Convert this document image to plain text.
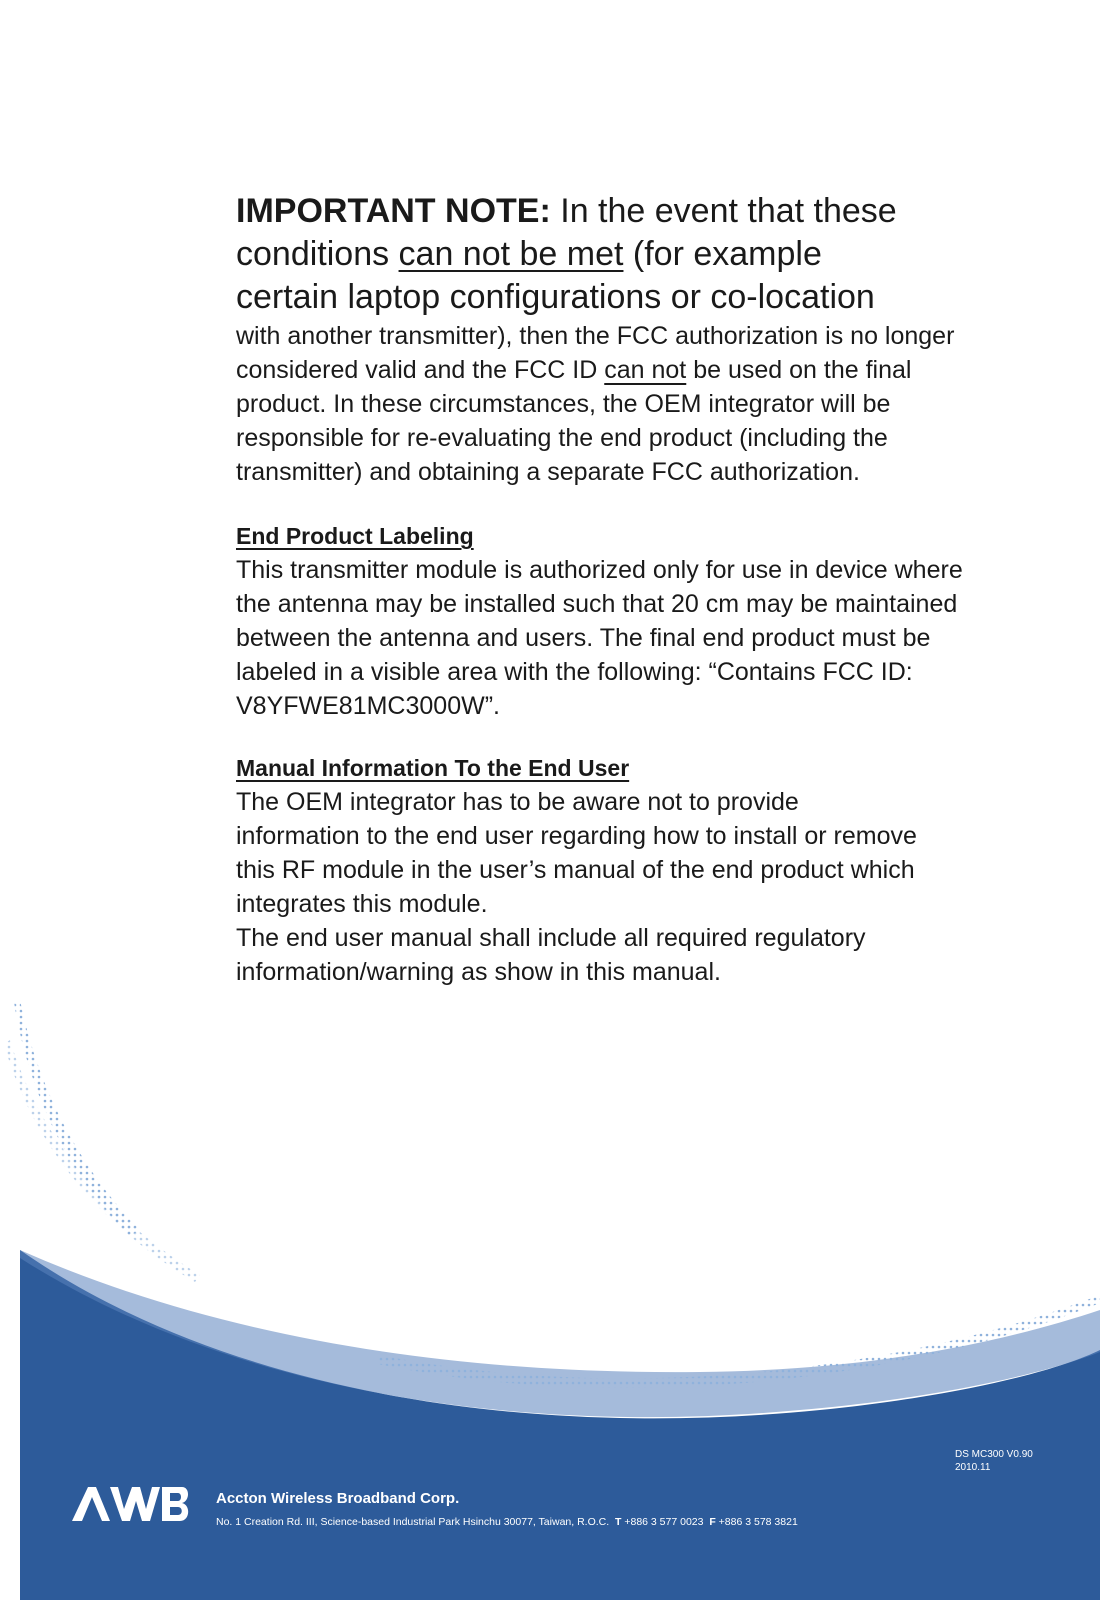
IMPORTANT NOTE: In the event that these
conditions can not be met (for example
certain laptop configurations or co-location

with another transmitter), then the FCC authorization is no longer considered valid and the FCC ID can not be used on the final product. In these circumstances, the OEM integrator will be responsible for re-evaluating the end product (including the transmitter) and obtaining a separate FCC authorization.

End Product Labeling

This transmitter module is authorized only for use in device where the antenna may be installed such that 20 cm may be maintained between the antenna and users. The final end product must be labeled in a visible area with the following: “Contains FCC ID: V8YFWE81MC3000W”.

Manual Information To the End User

The OEM integrator has to be aware not to provide information to the end user regarding how to install or remove this RF module in the user’s manual of the end product which integrates this module.

The end user manual shall include all required regulatory information/warning as show in this manual.

DS MC300 V0.90
2010.11
Accton Wireless Broadband Corp.
No. 1 Creation Rd. III, Science-based Industrial Park Hsinchu 30077, Taiwan, R.O.C. T +886 3 577 0023 F +886 3 578 3821
